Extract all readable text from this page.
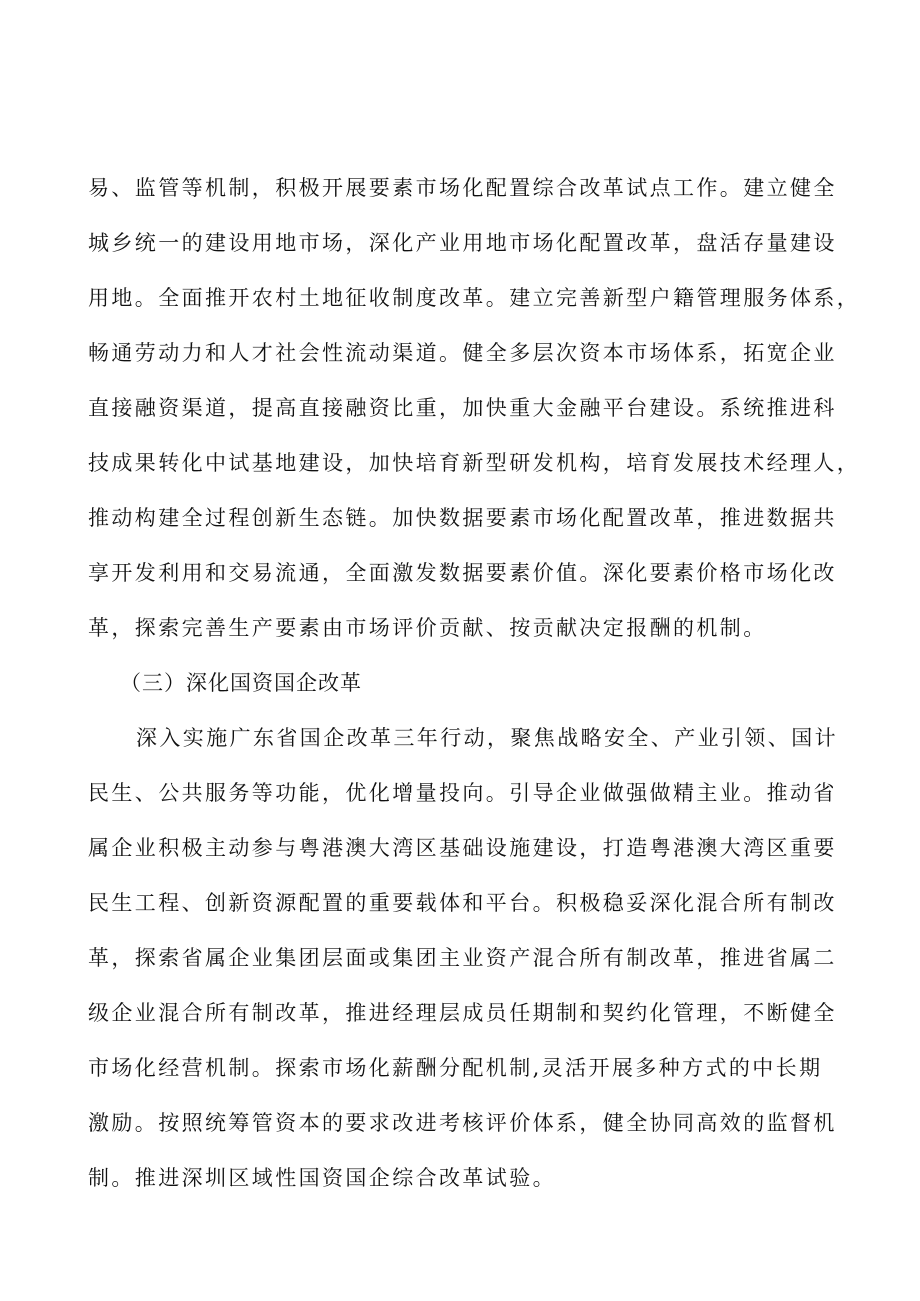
易、监管等机制，积极开展要素市场化配置综合改革试点工作。建立健全
城乡统一的建设用地市场，深化产业用地市场化配置改革，盘活存量建设
用地。全面推开农村土地征收制度改革。建立完善新型户籍管理服务体系，
畅通劳动力和人才社会性流动渠道。健全多层次资本市场体系，拓宽企业
直接融资渠道，提高直接融资比重，加快重大金融平台建设。系统推进科
技成果转化中试基地建设，加快培育新型研发机构，培育发展技术经理人，
推动构建全过程创新生态链。加快数据要素市场化配置改革，推进数据共
享开发利用和交易流通，全面激发数据要素价值。深化要素价格市场化改
革，探索完善生产要素由市场评价贡献、按贡献决定报酬的机制。
（三）深化国资国企改革
深入实施广东省国企改革三年行动，聚焦战略安全、产业引领、国计
民生、公共服务等功能，优化增量投向。引导企业做强做精主业。推动省
属企业积极主动参与粤港澳大湾区基础设施建设，打造粤港澳大湾区重要
民生工程、创新资源配置的重要载体和平台。积极稳妥深化混合所有制改
革，探索省属企业集团层面或集团主业资产混合所有制改革，推进省属二
级企业混合所有制改革，推进经理层成员任期制和契约化管理，不断健全
市场化经营机制。探索市场化薪酬分配机制,灵活开展多种方式的中长期
激励。按照统筹管资本的要求改进考核评价体系，健全协同高效的监督机
制。推进深圳区域性国资国企综合改革试验。
